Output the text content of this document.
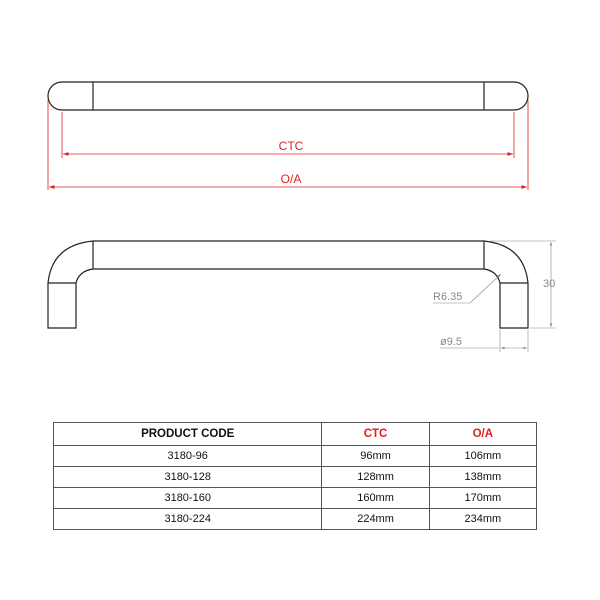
CTC
O/A
30
R6.35
ø9.5
PRODUCT CODE	CTC	O/A
3180-96	96mm	106mm
3180-128	128mm	138mm
3180-160	160mm	170mm
3180-224	224mm	234mm
